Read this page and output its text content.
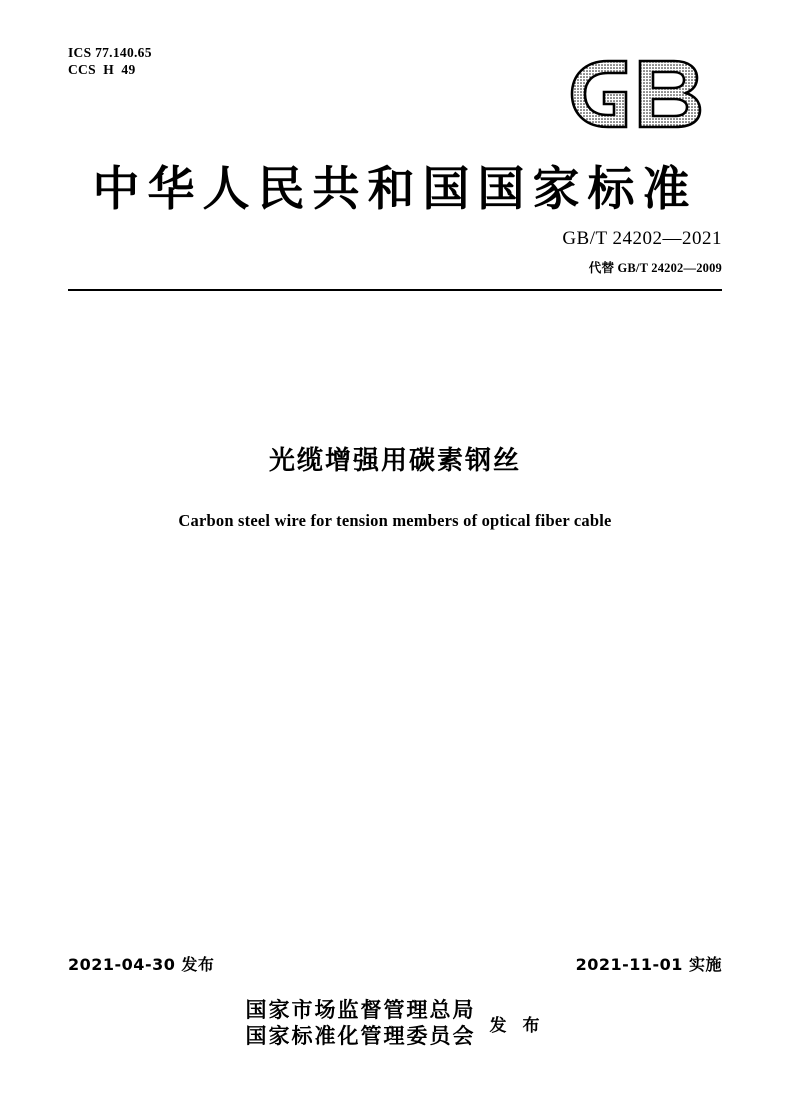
ICS 77.140.65
CCS  H  49
中华人民共和国国家标准
GB/T 24202—2021
代替 GB/T 24202—2009
光缆增强用碳素钢丝
Carbon steel wire for tension members of optical fiber cable
2021-04-30 发布	2021-11-01 实施
国家市场监督管理总局
国家标准化管理委员会 发 布
